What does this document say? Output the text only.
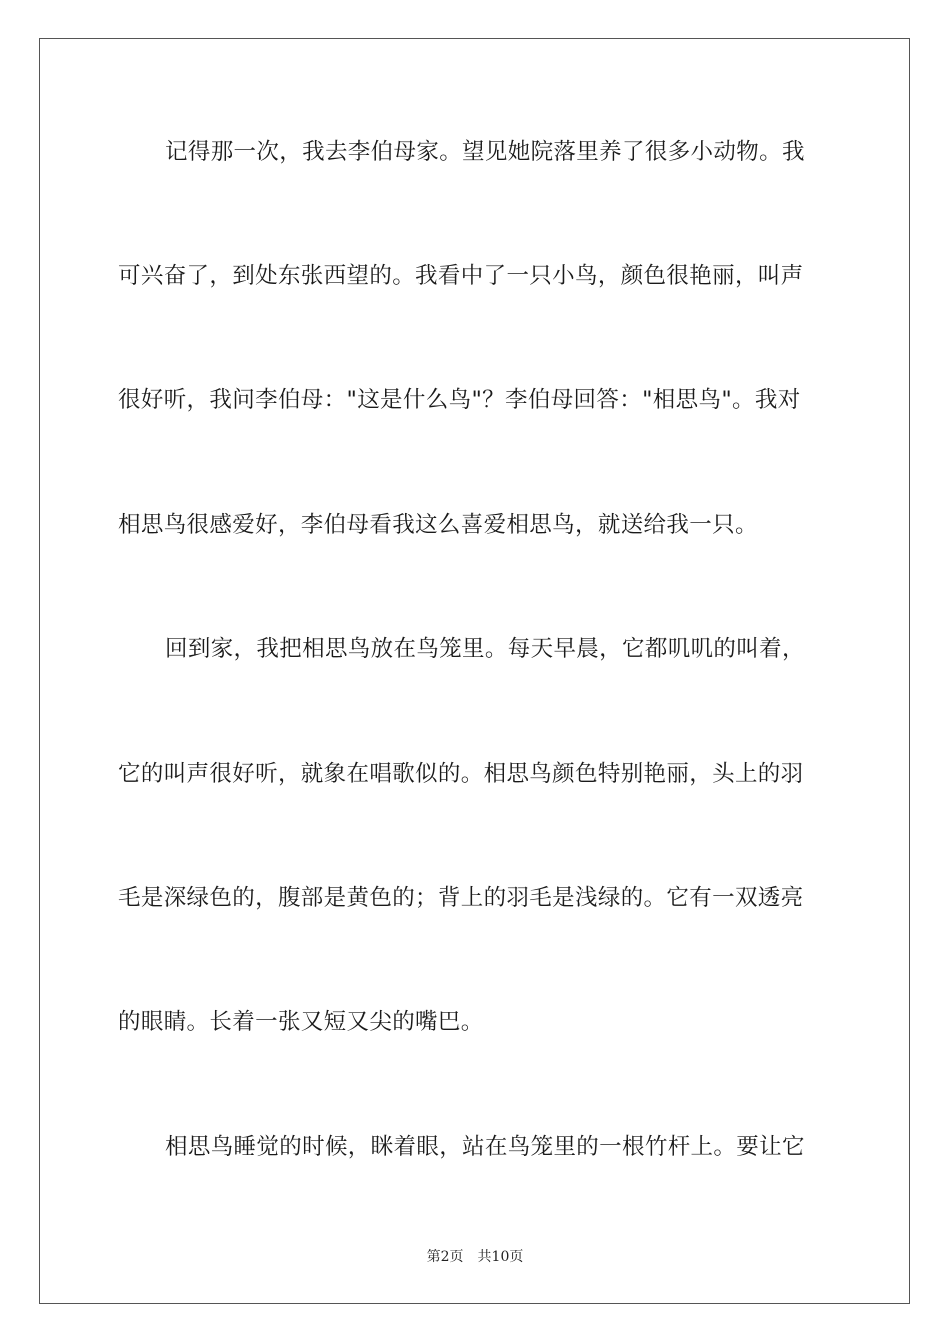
记得那一次，我去李伯母家。望见她院落里养了很多小动物。我
可兴奋了，到处东张西望的。我看中了一只小鸟，颜色很艳丽，叫声
很好听，我问李伯母："这是什么鸟"？李伯母回答："相思鸟"。我对
相思鸟很感爱好，李伯母看我这么喜爱相思鸟，就送给我一只。
回到家，我把相思鸟放在鸟笼里。每天早晨，它都叽叽的叫着，
它的叫声很好听，就象在唱歌似的。相思鸟颜色特别艳丽，头上的羽
毛是深绿色的，腹部是黄色的；背上的羽毛是浅绿的。它有一双透亮
的眼睛。长着一张又短又尖的嘴巴。
相思鸟睡觉的时候，眯着眼，站在鸟笼里的一根竹杆上。要让它
第2页 共10页
